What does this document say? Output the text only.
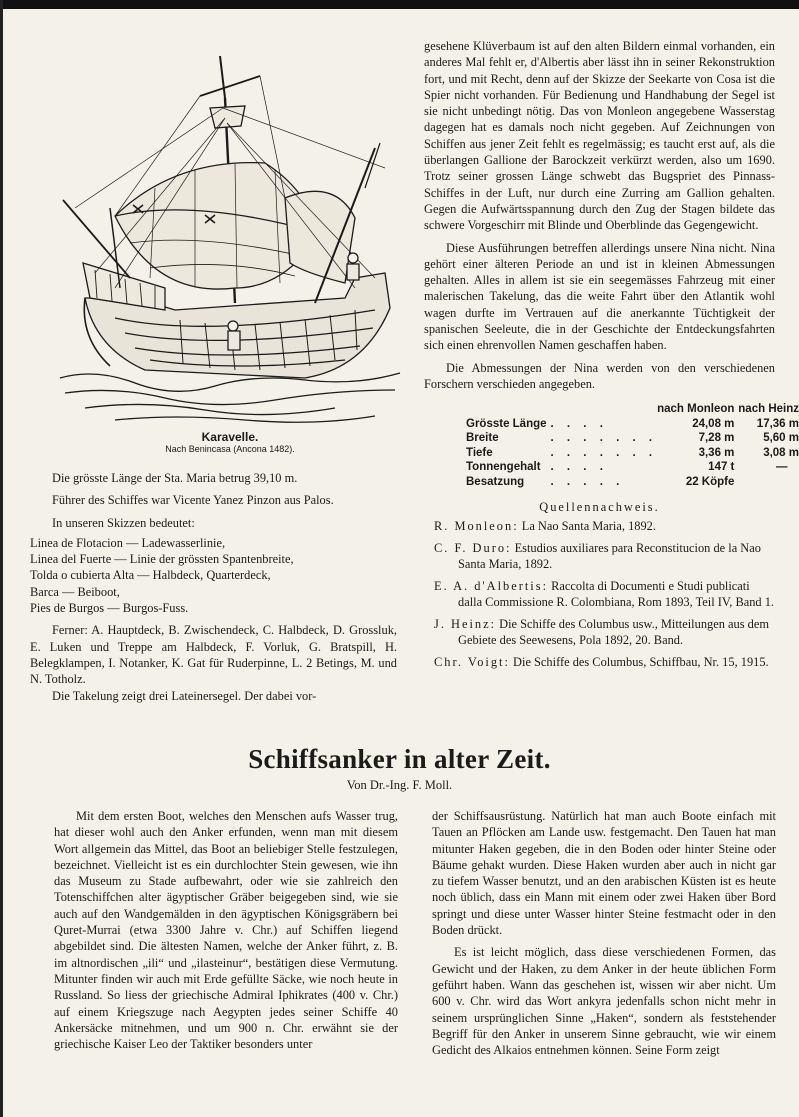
Karavelle.
Nach Benincasa (Ancona 1482).

Die grösste Länge der Sta. Maria betrug 39,10 m.

Führer des Schiffes war Vicente Yanez Pinzon aus Palos.

In unseren Skizzen bedeutet:

Linea de Flotacion — Ladewasserlinie,
Linea del Fuerte — Linie der grössten Spantenbreite,
Tolda o cubierta Alta — Halbdeck, Quarterdeck,
Barca — Beiboot,
Pies de Burgos — Burgos-Fuss.

Ferner: A. Hauptdeck, B. Zwischendeck, C. Halbdeck, D. Grossluk, E. Luken und Treppe am Halbdeck, F. Vorluk, G. Bratspill, H. Belegklampen, I. Notanker, K. Gat für Ruderpinne, L. 2 Betings, M. und N. Totholz.

Die Takelung zeigt drei Lateinersegel. Der dabei vor-

gesehene Klüverbaum ist auf den alten Bildern einmal vorhanden, ein anderes Mal fehlt er, d'Albertis aber lässt ihn in seiner Rekonstruktion fort, und mit Recht, denn auf der Skizze der Seekarte von Cosa ist die Spier nicht vorhanden. Für Bedienung und Handhabung der Segel ist sie nicht unbedingt nötig. Das von Monleon angegebene Wasserstag dagegen hat es damals noch nicht gegeben. Auf Zeichnungen von Schiffen aus jener Zeit fehlt es regelmässig; es taucht erst auf, als die überlangen Gallione der Barockzeit verkürzt werden, also um 1690. Trotz seiner grossen Länge schwebt das Bugspriet des Pinnass-Schiffes in der Luft, nur durch eine Zurring am Gallion gehalten. Gegen die Aufwärtsspannung durch den Zug der Stagen bildete das schwere Vorgeschirr mit Blinde und Oberblinde das Gegengewicht.

Diese Ausführungen betreffen allerdings unsere Nina nicht. Nina gehört einer älteren Periode an und ist in kleinen Abmessungen gehalten. Alles in allem ist sie ein seegemässes Fahrzeug mit einer malerischen Takelung, das die weite Fahrt über den Atlantik wohl wagen durfte im Vertrauen auf die anerkannte Tüchtigkeit der spanischen Seeleute, die in der Geschichte der Entdeckungsfahrten sich einen ehrenvollen Namen geschaffen haben.

Die Abmessungen der Nina werden von den verschiedenen Forschern verschieden angegeben.

		nach Monleon	nach Heinz
Grösste Länge	. . . .	24,08 m	17,36 m
Breite	. . . . . . .	7,28 m	5,60 m
Tiefe	. . . . . . .	3,36 m	3,08 m
Tonnengehalt	. . . .	147 t	—
Besatzung	. . . . .	22 Köpfe	
Quellennachweis.

R. Monleon: La Nao Santa Maria, 1892.

C. F. Duro: Estudios auxiliares para Reconstitucion de la Nao Santa Maria, 1892.

E. A. d'Albertis: Raccolta di Documenti e Studi publicati dalla Commissione R. Colombiana, Rom 1893, Teil IV, Band 1.

J. Heinz: Die Schiffe des Columbus usw., Mitteilungen aus dem Gebiete des Seewesens, Pola 1892, 20. Band.

Chr. Voigt: Die Schiffe des Columbus, Schiffbau, Nr. 15, 1915.

Schiffsanker in alter Zeit.
Von Dr.-Ing. F. Moll.

Mit dem ersten Boot, welches den Menschen aufs Wasser trug, hat dieser wohl auch den Anker erfunden, wenn man mit diesem Wort allgemein das Mittel, das Boot an beliebiger Stelle festzulegen, bezeichnet. Vielleicht ist es ein durchlochter Stein gewesen, wie ihn das Museum zu Stade aufbewahrt, oder wie sie zahlreich den Totenschiffchen alter ägyptischer Gräber beigegeben sind, wie sie auch auf den Wandgemälden in den ägyptischen Königsgräbern bei Quret-Murrai (etwa 3300 Jahre v. Chr.) auf Schiffen liegend abgebildet sind. Die ältesten Namen, welche der Anker führt, z. B. im altnordischen „ili“ und „ilasteinur“, bestätigen diese Vermutung. Mitunter finden wir auch mit Erde gefüllte Säcke, wie noch heute in Russland. So liess der griechische Admiral Iphikrates (400 v. Chr.) auf einem Kriegszuge nach Aegypten jedes seiner Schiffe 40 Ankersäcke mitnehmen, und um 900 n. Chr. erwähnt sie der griechische Kaiser Leo der Taktiker besonders unter

der Schiffsausrüstung. Natürlich hat man auch Boote einfach mit Tauen an Pflöcken am Lande usw. festgemacht. Den Tauen hat man mitunter Haken gegeben, die in den Boden oder hinter Steine oder Bäume gehakt wurden. Diese Haken wurden aber auch in nicht gar zu tiefem Wasser benutzt, und an den arabischen Küsten ist es heute noch üblich, dass ein Mann mit einem oder zwei Haken über Bord springt und diese unter Wasser hinter Steine festmacht oder in den Boden drückt.

Es ist leicht möglich, dass diese verschiedenen Formen, das Gewicht und der Haken, zu dem Anker in der heute üblichen Form geführt haben. Wann das geschehen ist, wissen wir aber nicht. Um 600 v. Chr. wird das Wort ankyra jedenfalls schon nicht mehr in seinem ursprünglichen Sinne „Haken“, sondern als feststehender Begriff für den Anker in unserem Sinne gebraucht, wie wir einem Gedicht des Alkaios entnehmen können. Seine Form zeigt
